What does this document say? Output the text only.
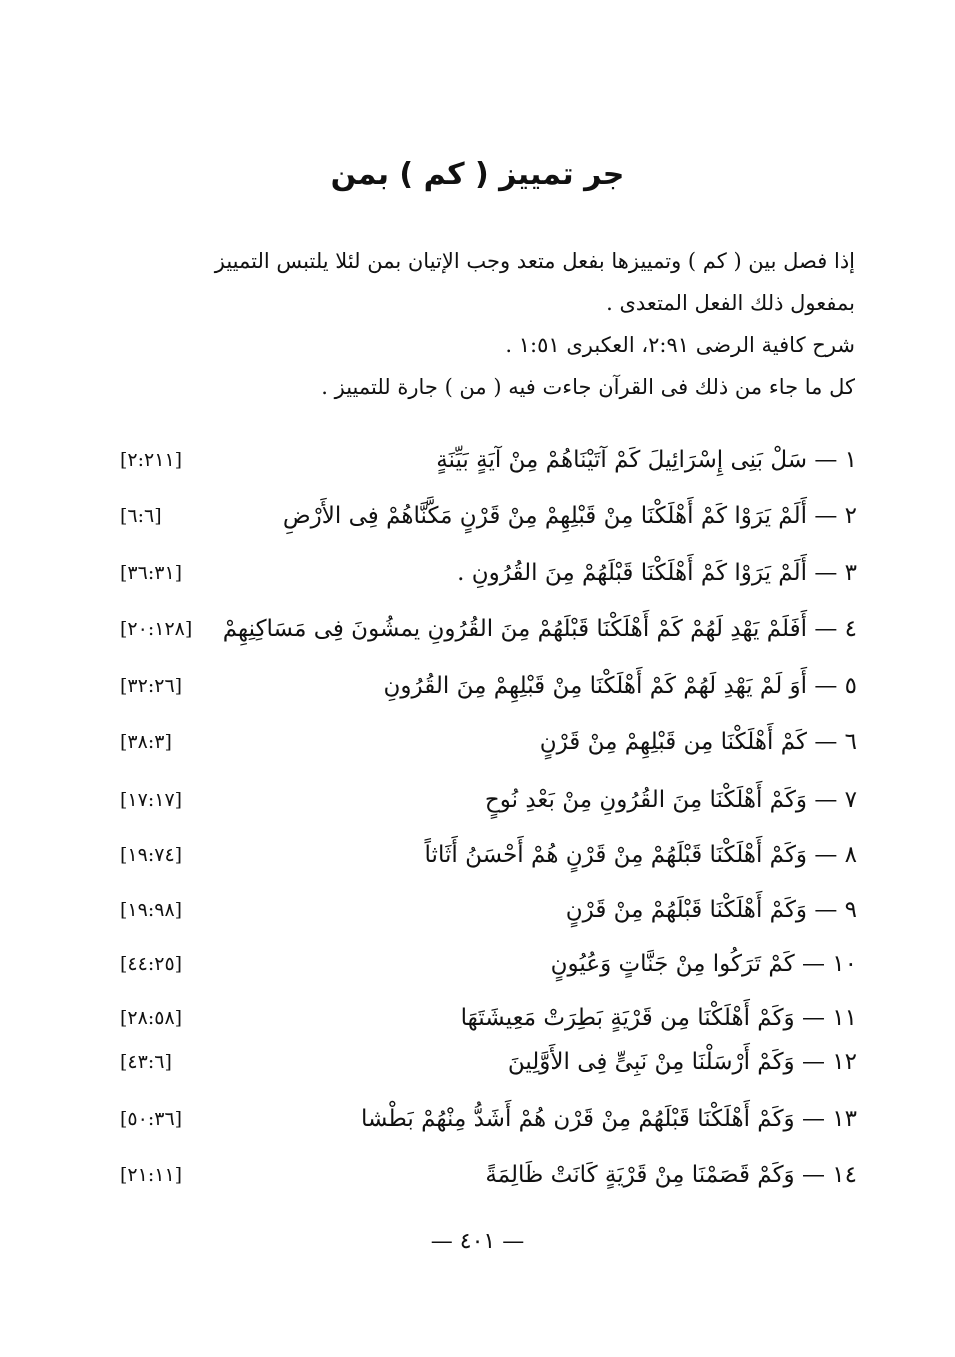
جر تمييز ( كم ) بمن

إذا فصل بين ( كم ) وتمييزها بفعل متعد وجب الإتيان بمن لئلا يلتبس التمييز

بمفعول ذلك الفعل المتعدى .

شرح كافية الرضى ٢:٩١، العكبرى ١:٥١ .

كل ما جاء من ذلك فى القرآن جاءت فيه ( من ) جارة للتمييز .

١ — سَلْ بَنِى إِسْرَائِيلَ كَمْ آتَيْنَاهُمْ مِنْ آيَةٍ بَيِّنَةٍ
[٢:٢١١]
٢ — أَلَمْ يَرَوْا كَمْ أَهْلَكْنَا مِنْ قَبْلِهِمْ مِنْ قَرْنٍ مَكَّنَّاهُمْ فِى الأَرْضِ
[٦:٦]
٣ — أَلَمْ يَرَوْا كَمْ أَهْلَكْنَا قَبْلَهُمْ مِنَ القُرُونِ .
[٣٦:٣١]
٤ — أَفَلَمْ يَهْدِ لَهُمْ كَمْ أَهْلَكْنَا قَبْلَهُمْ مِنَ القُرُونِ يمشُونَ فِى مَسَاكِنِهِمْ
[٢٠:١٢٨]
٥ — أَوَ لَمْ يَهْدِ لَهُمْ كَمْ أَهْلَكْنَا مِنْ قَبْلِهِمْ مِنَ القُرُونِ
[٣٢:٢٦]
٦ — كَمْ أَهْلَكْنَا مِن قَبْلِهِمْ مِنْ قَرْنٍ
[٣٨:٣]
٧ — وَكَمْ أَهْلَكْنَا مِنَ القُرُونِ مِنْ بَعْدِ نُوحٍ
[١٧:١٧]
٨ — وَكَمْ أَهْلَكْنَا قَبْلَهُمْ مِنْ قَرْنٍ هُمْ أَحْسَنُ أَثَاثاً
[١٩:٧٤]
٩ — وَكَمْ أَهْلَكْنَا قَبْلَهُمْ مِنْ قَرْنٍ
[١٩:٩٨]
١٠ — كَمْ تَرَكُوا مِنْ جَنَّاتٍ وَعُيُونٍ
[٤٤:٢٥]
١١ — وَكَمْ أَهْلَكْنَا مِن قَرْيَةٍ بَطِرَتْ مَعِيشَتَهَا
[٢٨:٥٨]
١٢ — وَكَمْ أَرْسَلْنَا مِنْ نَبِىٍّ فِى الأَوَّلِينَ
[٤٣:٦]
١٣ — وَكَمْ أَهْلَكْنَا قَبْلَهُمْ مِنْ قَرْن هُمْ أَشَدُّ مِنْهُمْ بَطْشا
[٥٠:٣٦]
١٤ — وَكَمْ قَصَمْنَا مِنْ قَرْيَةٍ كَانَتْ ظَالِمَةً
[٢١:١١]
— ٤٠١ —
